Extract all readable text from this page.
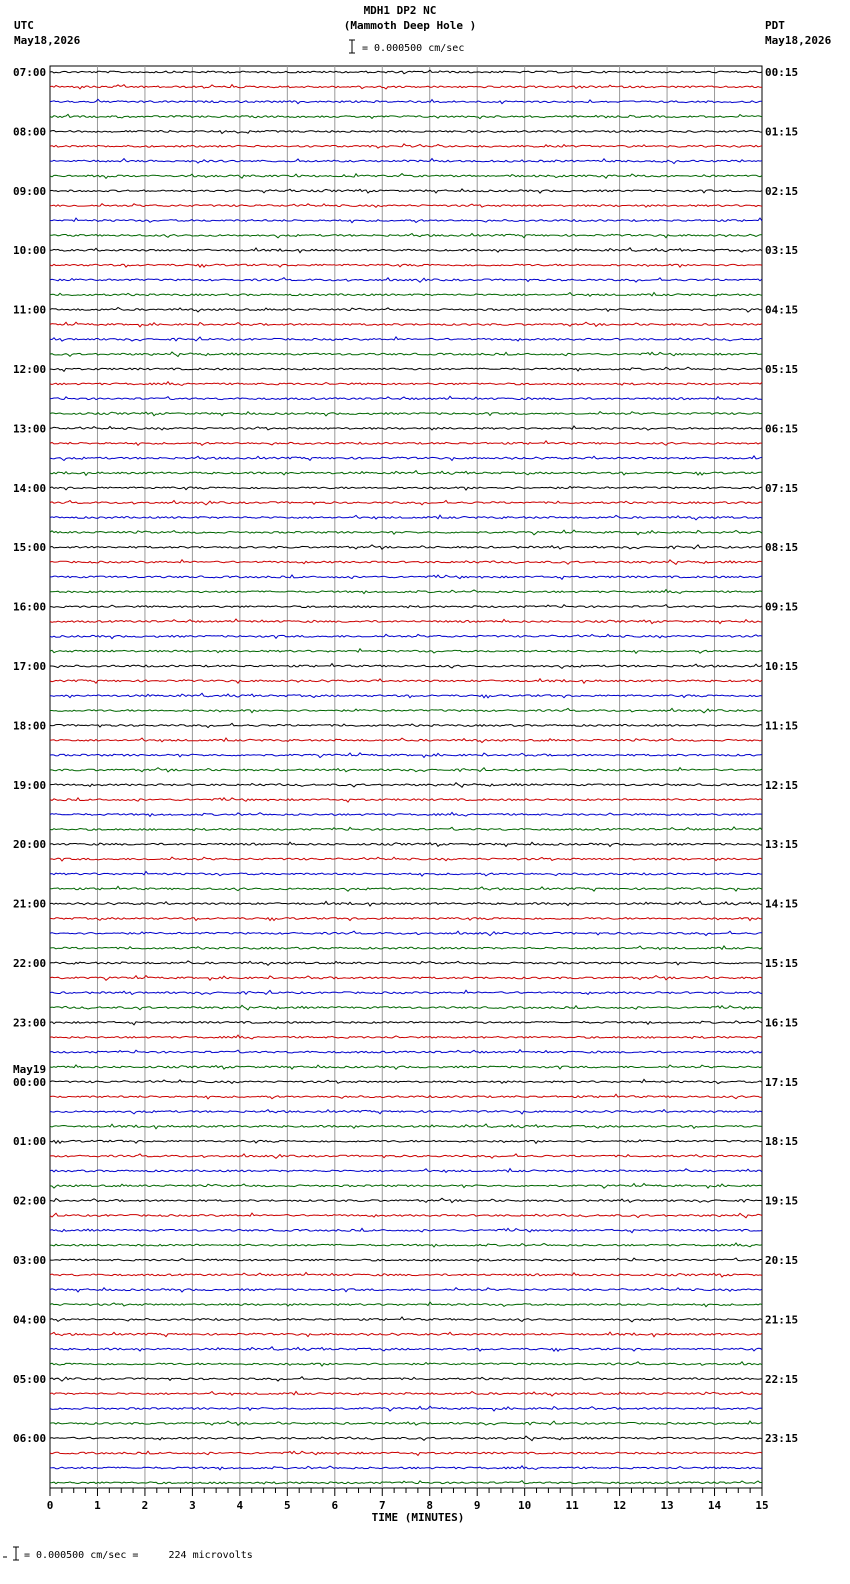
UTC
May18,2026
PDT
May18,2026
MDH1 DP2 NC
(Mammoth Deep Hole )
= 0.000500 cm/sec
= 0.000500 cm/sec =     224 microvolts
07:00	00:15
08:00	01:15
09:00	02:15
10:00	03:15
11:00	04:15
12:00	05:15
13:00	06:15
14:00	07:15
15:00	08:15
16:00	09:15
17:00	10:15
18:00	11:15
19:00	12:15
20:00	13:15
21:00	14:15
22:00	15:15
23:00	16:15
00:00	17:15
May19
01:00	18:15
02:00	19:15
03:00	20:15
04:00	21:15
05:00	22:15
06:00	23:15
0	1	2	3	4	5	6	7	8	9	10	11	12	13	14	15
TIME (MINUTES)
